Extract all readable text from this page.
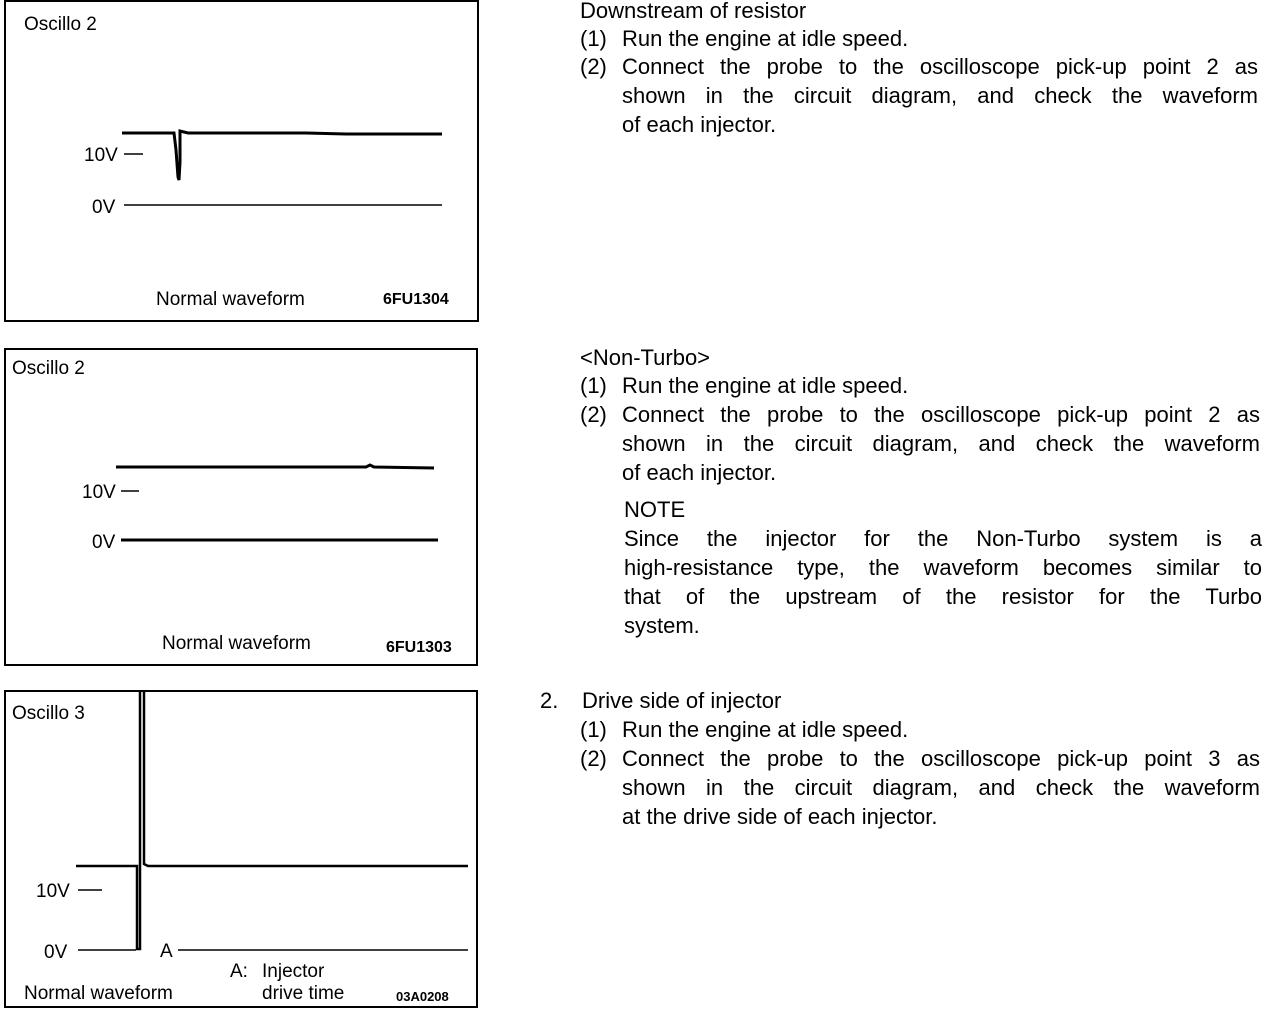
Oscillo 2
10V
0V
Normal waveform	6FU1304
Oscillo 2
10V
0V
Normal waveform	6FU1303
Oscillo 3
10V
0V	A
A: Injector
drive time
Normal waveform	03A0208
Downstream of resistor
(1) Run the engine at idle speed.
(2) Connect the probe to the oscilloscope pick-up point 2 as
shown in the circuit diagram, and check the waveform
of each injector.
<Non-Turbo>
(1) Run the engine at idle speed.
(2) Connect the probe to the oscilloscope pick-up point 2 as
shown in the circuit diagram, and check the waveform
of each injector.
NOTE
Since the injector for the Non-Turbo system is a
high-resistance type, the waveform becomes similar to
that of the upstream of the resistor for the Turbo
system.
2. Drive side of injector
(1) Run the engine at idle speed.
(2) Connect the probe to the oscilloscope pick-up point 3 as
shown in the circuit diagram, and check the waveform
at the drive side of each injector.
